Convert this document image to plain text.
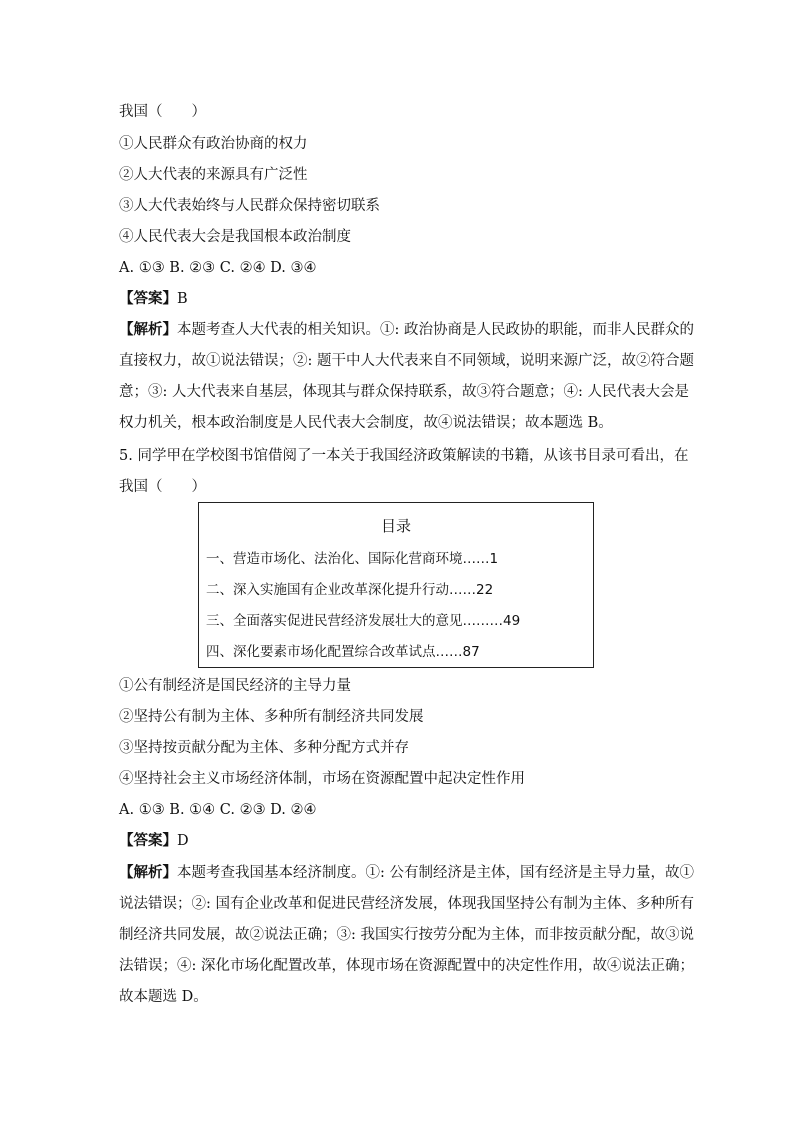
我国（　　）
①人民群众有政治协商的权力
②人大代表的来源具有广泛性
③人大代表始终与人民群众保持密切联系
④人民代表大会是我国根本政治制度
A. ①③ B. ②③ C. ②④ D. ③④
【答案】B
【解析】本题考查人大代表的相关知识。①: 政治协商是人民政协的职能，而非人民群众的
直接权力，故①说法错误；②: 题干中人大代表来自不同领域，说明来源广泛，故②符合题
意；③: 人大代表来自基层，体现其与群众保持联系，故③符合题意；④: 人民代表大会是
权力机关，根本政治制度是人民代表大会制度，故④说法错误；故本题选 B。
5. 同学甲在学校图书馆借阅了一本关于我国经济政策解读的书籍，从该书目录可看出，在
我国（　　）
目录
一、营造市场化、法治化、国际化营商环境……1
二、深入实施国有企业改革深化提升行动……22
三、全面落实促进民营经济发展壮大的意见………49
四、深化要素市场化配置综合改革试点……87
①公有制经济是国民经济的主导力量
②坚持公有制为主体、多种所有制经济共同发展
③坚持按贡献分配为主体、多种分配方式并存
④坚持社会主义市场经济体制，市场在资源配置中起决定性作用
A. ①③ B. ①④ C. ②③ D. ②④
【答案】D
【解析】本题考查我国基本经济制度。①: 公有制经济是主体，国有经济是主导力量，故①
说法错误；②: 国有企业改革和促进民营经济发展，体现我国坚持公有制为主体、多种所有
制经济共同发展，故②说法正确；③: 我国实行按劳分配为主体，而非按贡献分配，故③说
法错误；④: 深化市场化配置改革，体现市场在资源配置中的决定性作用，故④说法正确；
故本题选 D。
